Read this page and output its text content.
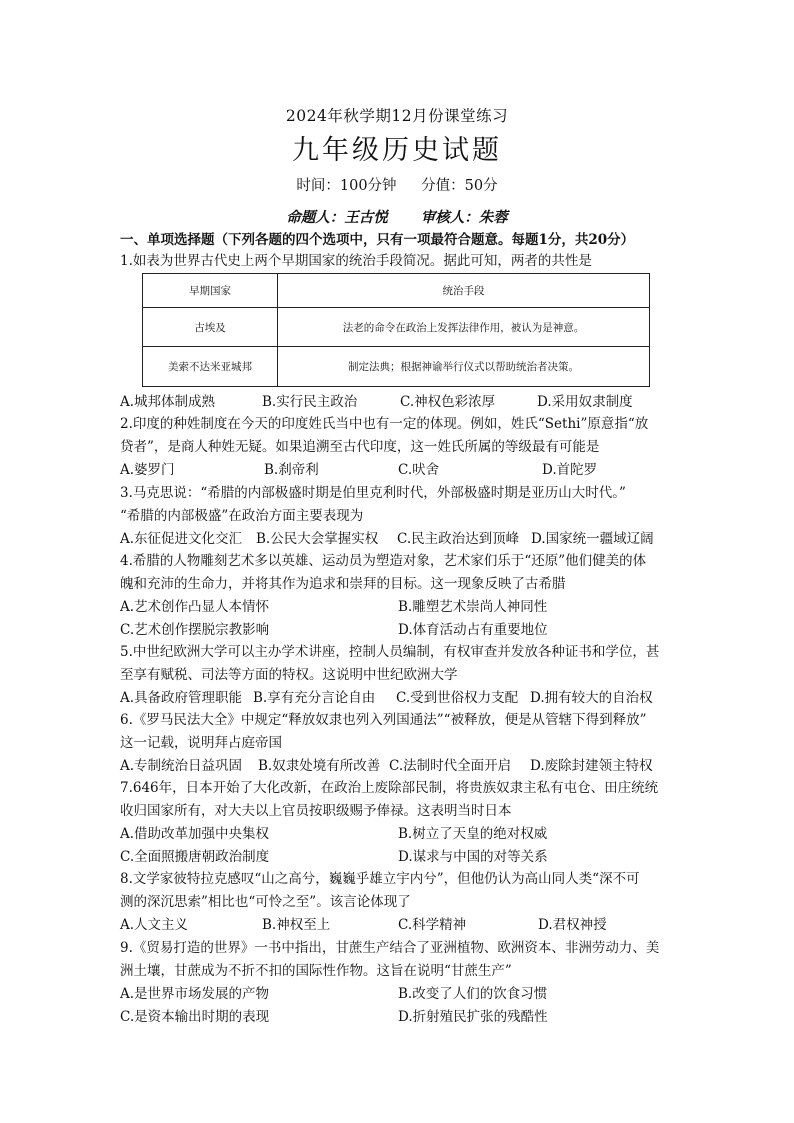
2024年秋学期12月份课堂练习
九年级历史试题
时间：100分钟 分值：50分
命题人：王古悦 审核人：朱蓉
一、单项选择题（下列各题的四个选项中，只有一项最符合题意。每题1分，共20分）
1.如表为世界古代史上两个早期国家的统治手段简况。据此可知，两者的共性是
早期国家	统治手段
古埃及	法老的命令在政治上发挥法律作用，被认为是神意。
美索不达米亚城邦	制定法典；根据神谕举行仪式以帮助统治者决策。
A.城邦体制成熟	B.实行民主政治	C.神权色彩浓厚	D.采用奴隶制度
2.印度的种姓制度在今天的印度姓氏当中也有一定的体现。例如，姓氏“Sethi”原意指“放
贷者”，是商人种姓无疑。如果追溯至古代印度，这一姓氏所属的等级最有可能是
A.婆罗门	B.刹帝利	C.吠舍	D.首陀罗
3.马克思说：“希腊的内部极盛时期是伯里克利时代，外部极盛时期是亚历山大时代。”
“希腊的内部极盛”在政治方面主要表现为
A.东征促进文化交汇 B.公民大会掌握实权 C.民主政治达到顶峰 D.国家统一疆域辽阔
4.希腊的人物雕刻艺术多以英雄、运动员为塑造对象，艺术家们乐于“还原”他们健美的体
魄和充沛的生命力，并将其作为追求和崇拜的目标。这一现象反映了古希腊
A.艺术创作凸显人本情怀	B.雕塑艺术崇尚人神同性
C.艺术创作摆脱宗教影响	D.体育活动占有重要地位
5.中世纪欧洲大学可以主办学术讲座，控制人员编制，有权审查并发放各种证书和学位，甚
至享有赋税、司法等方面的特权。这说明中世纪欧洲大学
A.具备政府管理职能 B.享有充分言论自由 C.受到世俗权力支配 D.拥有较大的自治权
6.《罗马民法大全》中规定“释放奴隶也列入列国通法”“被释放，便是从管辖下得到释放”
这一记载，说明拜占庭帝国
A.专制统治日益巩固 B.奴隶处境有所改善 C.法制时代全面开启 D.废除封建领主特权
7.646年，日本开始了大化改新，在政治上废除部民制，将贵族奴隶主私有屯仓、田庄统统
收归国家所有，对大夫以上官员按职级赐予俸禄。这表明当时日本
A.借助改革加强中央集权	B.树立了天皇的绝对权威
C.全面照搬唐朝政治制度	D.谋求与中国的对等关系
8.文学家彼特拉克感叹“山之高兮，巍巍乎雄立宇内兮”，但他仍认为高山同人类“深不可
测的深沉思索”相比也“可怜之至”。该言论体现了
A.人文主义	B.神权至上	C.科学精神	D.君权神授
9.《贸易打造的世界》一书中指出，甘蔗生产结合了亚洲植物、欧洲资本、非洲劳动力、美
洲土壤，甘蔗成为不折不扣的国际性作物。这旨在说明“甘蔗生产”
A.是世界市场发展的产物	B.改变了人们的饮食习惯
C.是资本输出时期的表现	D.折射殖民扩张的残酷性
